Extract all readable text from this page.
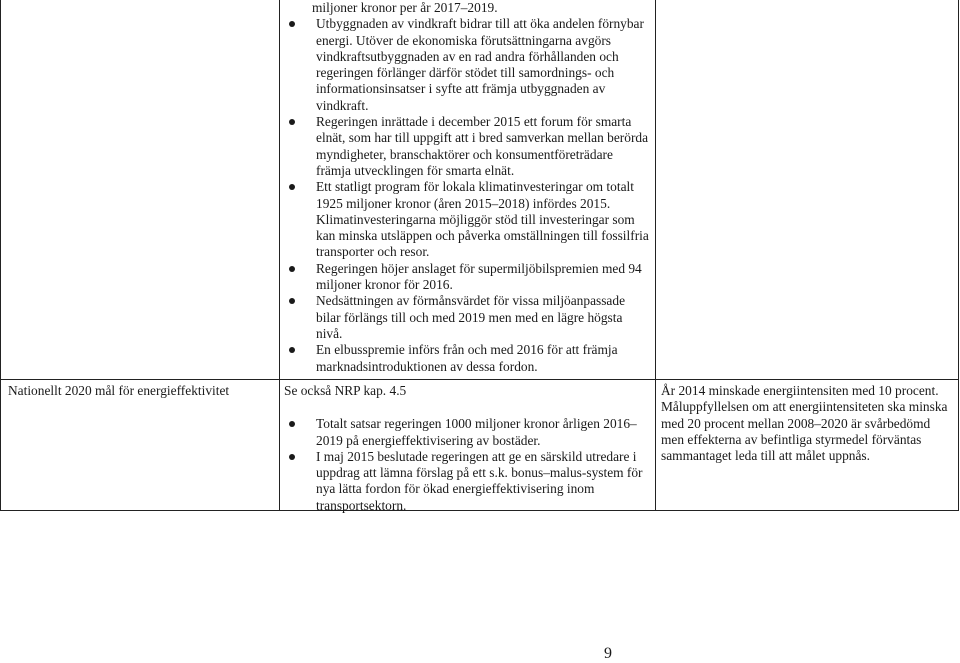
miljoner kronor per år 2017–2019.
Utbyggnaden av vindkraft bidrar till att öka andelen förnybar
energi. Utöver de ekonomiska förutsättningarna avgörs
vindkraftsutbyggnaden av en rad andra förhållanden och
regeringen förlänger därför stödet till samordnings- och
informationsinsatser i syfte att främja utbyggnaden av
vindkraft.
Regeringen inrättade i december 2015 ett forum för smarta
elnät, som har till uppgift att i bred samverkan mellan berörda
myndigheter, branschaktörer och konsumentföreträdare
främja utvecklingen för smarta elnät.
Ett statligt program för lokala klimatinvesteringar om totalt
1925 miljoner kronor (åren 2015–2018) infördes 2015.
Klimatinvesteringarna möjliggör stöd till investeringar som
kan minska utsläppen och påverka omställningen till fossilfria
transporter och resor.
Regeringen höjer anslaget för supermiljöbilspremien med 94
miljoner kronor för 2016.
Nedsättningen av förmånsvärdet för vissa miljöanpassade
bilar förlängs till och med 2019 men med en lägre högsta
nivå.
En elbusspremie införs från och med 2016 för att främja
marknadsintroduktionen av dessa fordon.
Nationellt 2020 mål för energieffektivitet	Se också NRP kap. 4.5
Totalt satsar regeringen 1000 miljoner kronor årligen 2016–
2019 på energieffektivisering av bostäder.
I maj 2015 beslutade regeringen att ge en särskild utredare i
uppdrag att lämna förslag på ett s.k. bonus–malus-system för
nya lätta fordon för ökad energieffektivisering inom
transportsektorn.
År 2014 minskade energiintensiten med 10 procent.
Måluppfyllelsen om att energiintensiteten ska minska
med 20 procent mellan 2008–2020 är svårbedömd
men effekterna av befintliga styrmedel förväntas
sammantaget leda till att målet uppnås.
9
